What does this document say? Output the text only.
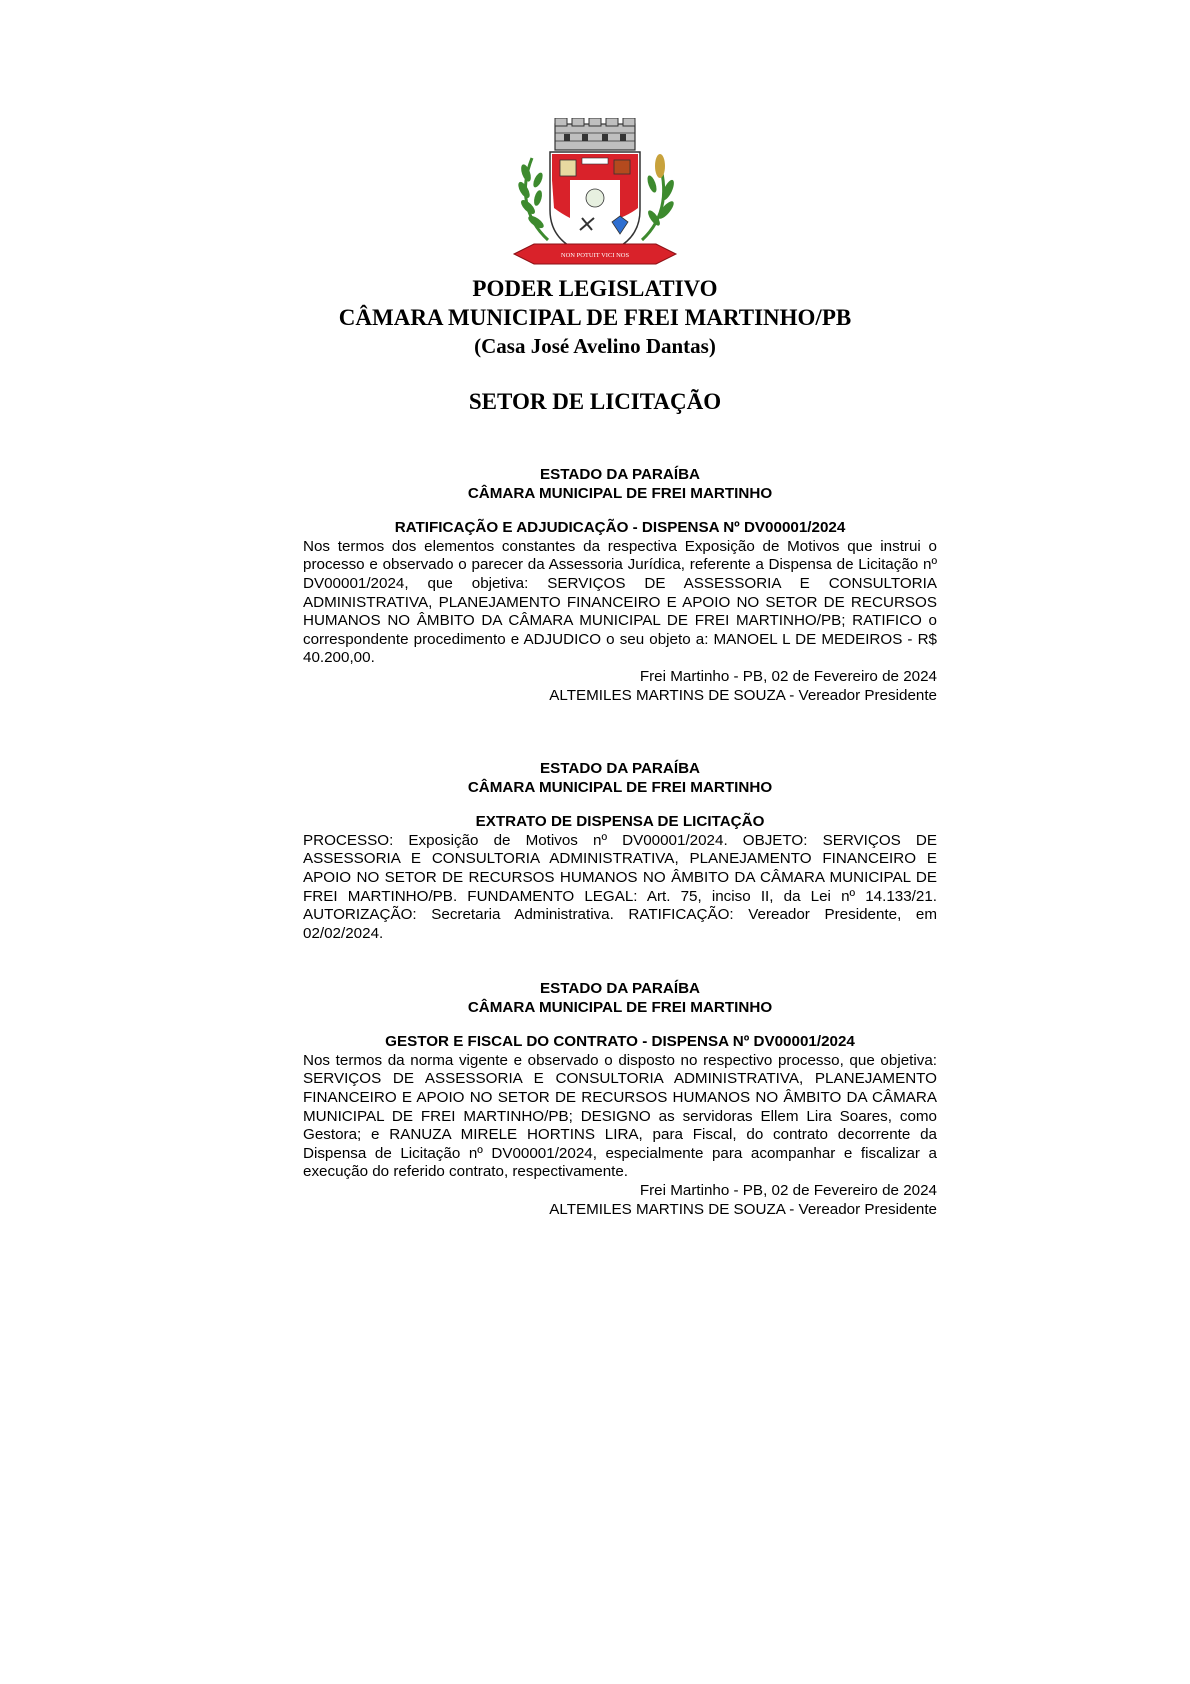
NON POTUIT VICI NOS
PODER LEGISLATIVO
CÂMARA MUNICIPAL DE FREI MARTINHO/PB
(Casa José Avelino Dantas)
SETOR DE LICITAÇÃO
ESTADO DA PARAÍBA
CÂMARA MUNICIPAL DE FREI MARTINHO
RATIFICAÇÃO E ADJUDICAÇÃO - DISPENSA Nº DV00001/2024
Nos termos dos elementos constantes da respectiva Exposição de Motivos que instrui o processo e observado o parecer da Assessoria Jurídica, referente a Dispensa de Licitação nº DV00001/2024, que objetiva: SERVIÇOS DE ASSESSORIA E CONSULTORIA ADMINISTRATIVA, PLANEJAMENTO FINANCEIRO E APOIO NO SETOR DE RECURSOS HUMANOS NO ÂMBITO DA CÂMARA MUNICIPAL DE FREI MARTINHO/PB; RATIFICO o correspondente procedimento e ADJUDICO o seu objeto a: MANOEL L DE MEDEIROS - R$ 40.200,00.
Frei Martinho - PB, 02 de Fevereiro de 2024
ALTEMILES MARTINS DE SOUZA - Vereador Presidente
ESTADO DA PARAÍBA
CÂMARA MUNICIPAL DE FREI MARTINHO
EXTRATO DE DISPENSA DE LICITAÇÃO
PROCESSO: Exposição de Motivos nº DV00001/2024. OBJETO: SERVIÇOS DE ASSESSORIA E CONSULTORIA ADMINISTRATIVA, PLANEJAMENTO FINANCEIRO E APOIO NO SETOR DE RECURSOS HUMANOS NO ÂMBITO DA CÂMARA MUNICIPAL DE FREI MARTINHO/PB. FUNDAMENTO LEGAL: Art. 75, inciso II, da Lei nº 14.133/21. AUTORIZAÇÃO: Secretaria Administrativa. RATIFICAÇÃO: Vereador Presidente, em 02/02/2024.
ESTADO DA PARAÍBA
CÂMARA MUNICIPAL DE FREI MARTINHO
GESTOR E FISCAL DO CONTRATO - DISPENSA Nº DV00001/2024
Nos termos da norma vigente e observado o disposto no respectivo processo, que objetiva: SERVIÇOS DE ASSESSORIA E CONSULTORIA ADMINISTRATIVA, PLANEJAMENTO FINANCEIRO E APOIO NO SETOR DE RECURSOS HUMANOS NO ÂMBITO DA CÂMARA MUNICIPAL DE FREI MARTINHO/PB; DESIGNO as servidoras Ellem Lira Soares, como Gestora; e RANUZA MIRELE HORTINS LIRA, para Fiscal, do contrato decorrente da Dispensa de Licitação nº DV00001/2024, especialmente para acompanhar e fiscalizar a execução do referido contrato, respectivamente.
Frei Martinho - PB, 02 de Fevereiro de 2024
ALTEMILES MARTINS DE SOUZA - Vereador Presidente
